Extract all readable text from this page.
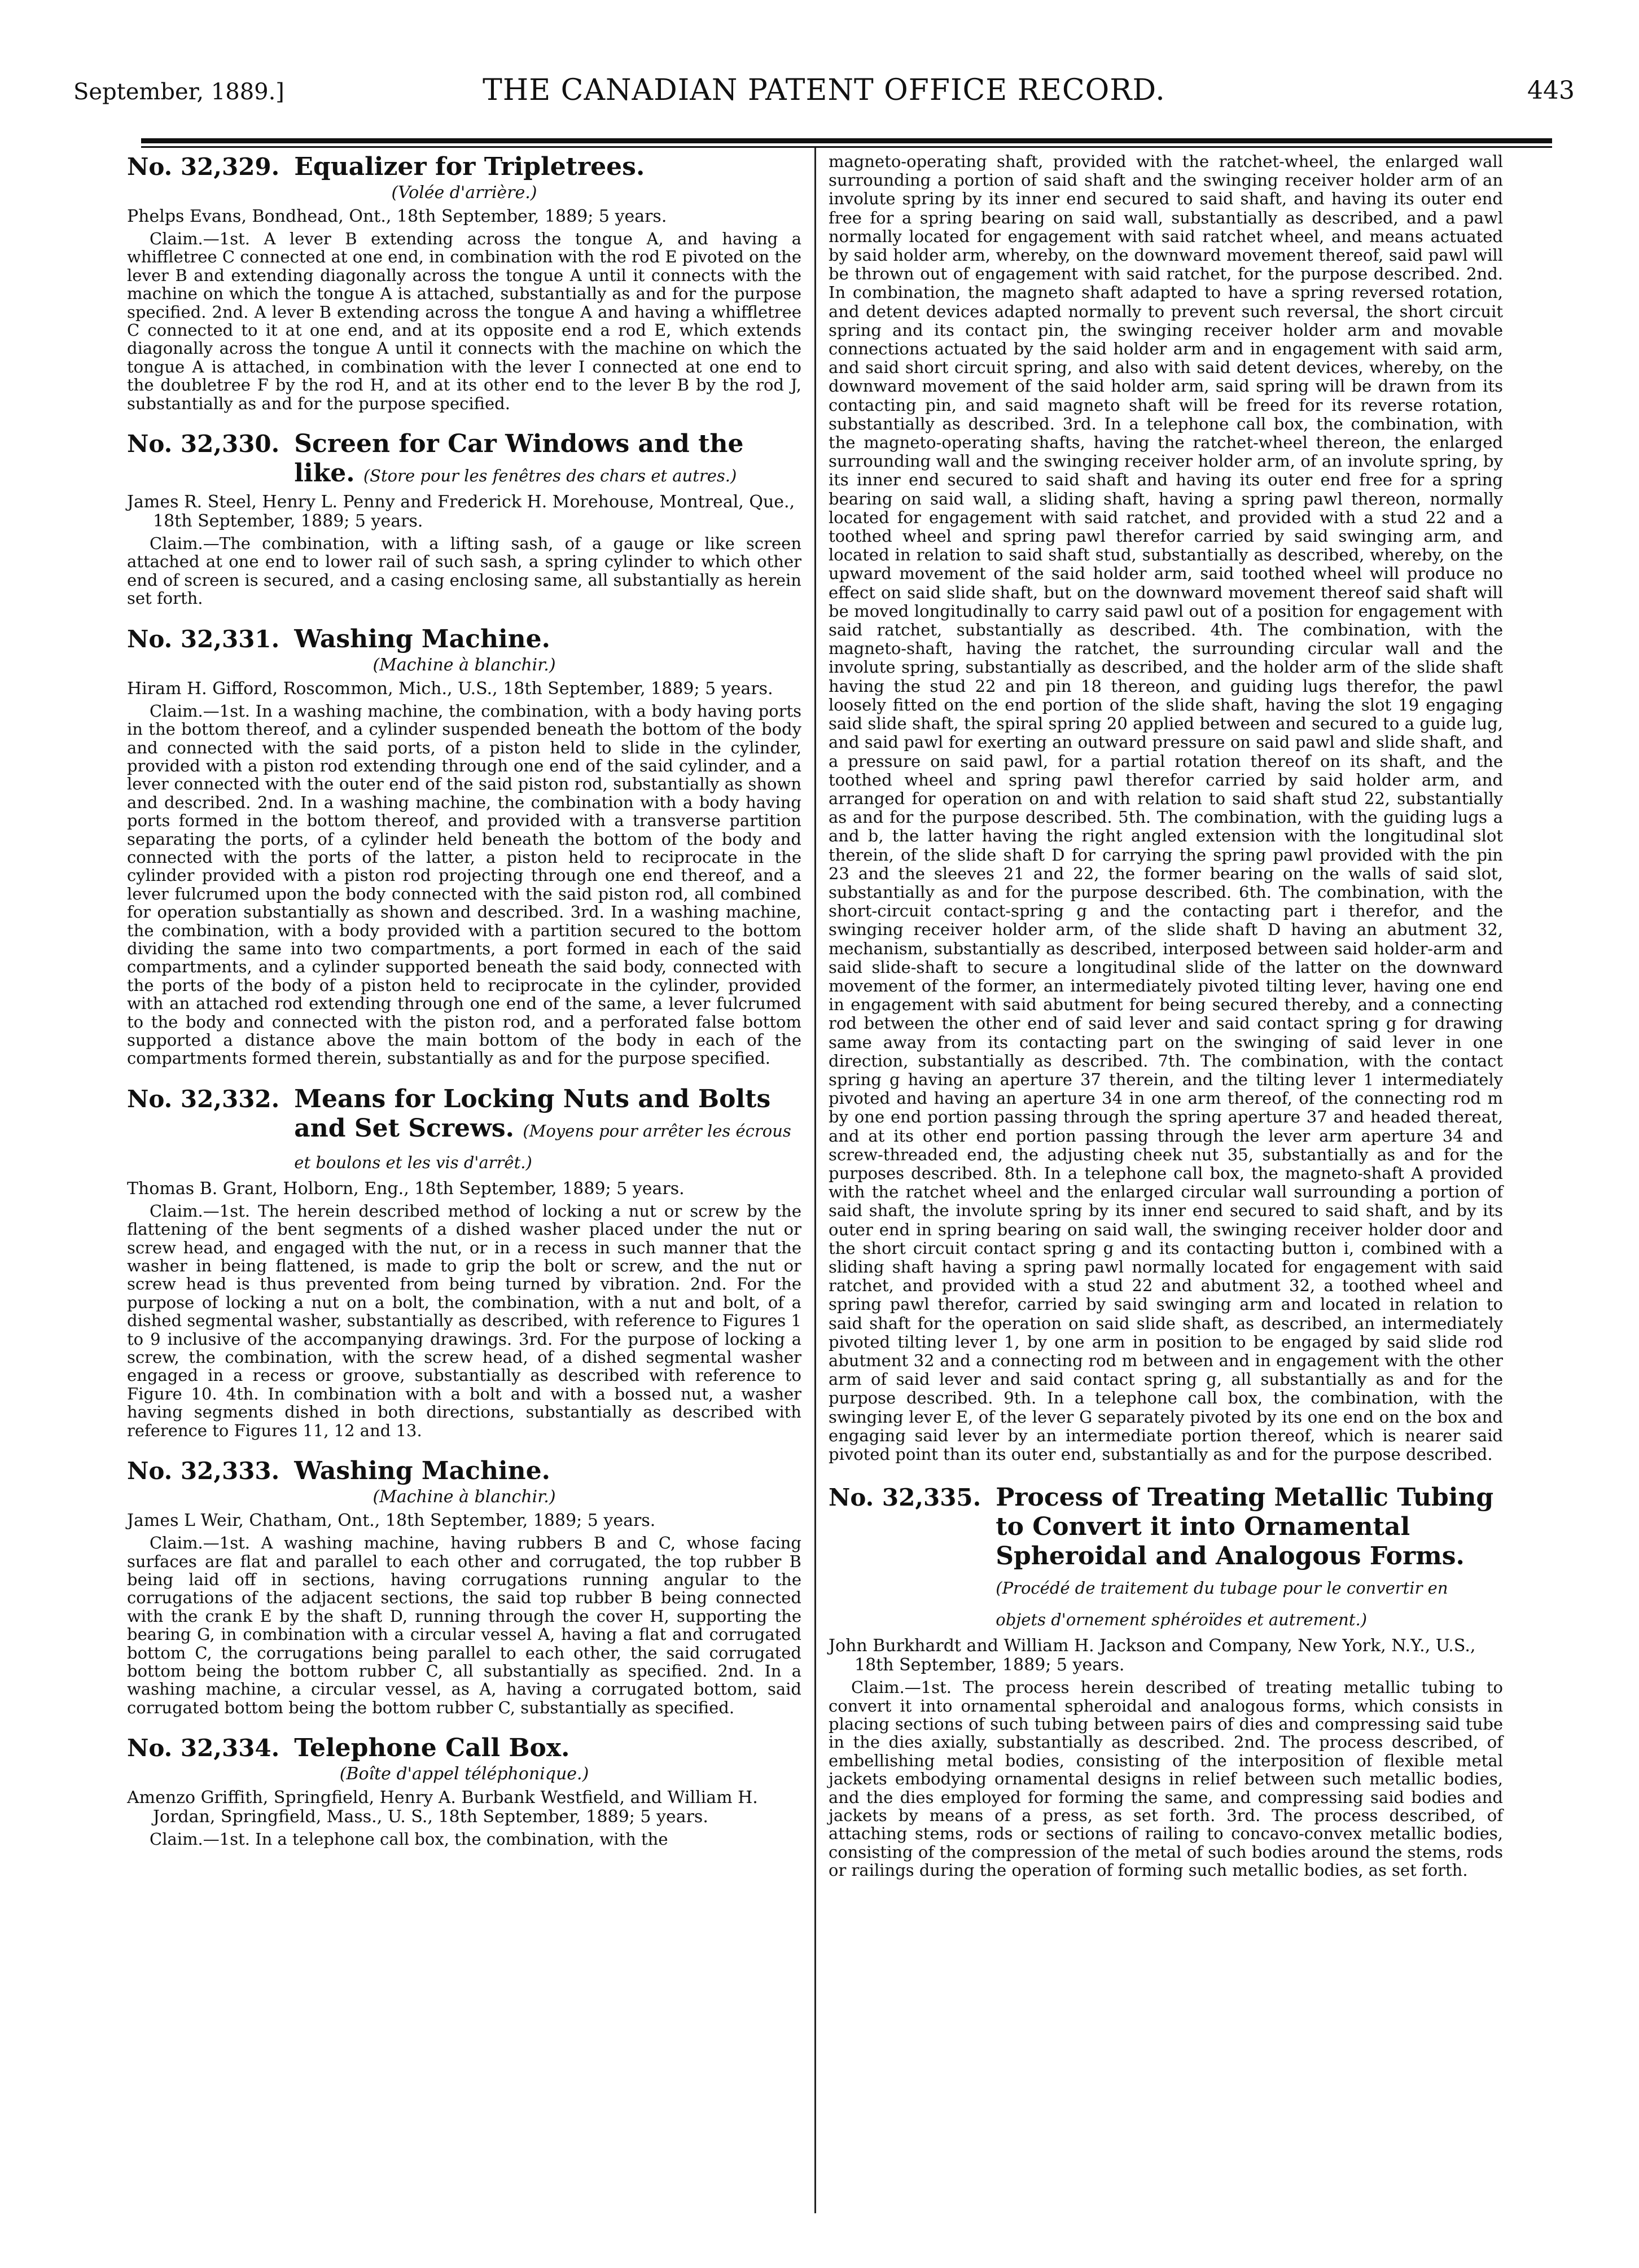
September, 1889.]	THE CANADIAN PATENT OFFICE RECORD.	443
No. 32,329. Equalizer for Tripletrees.
(Volée d'arrière.)
Phelps Evans, Bondhead, Ont., 18th September, 1889; 5 years.

Claim.—1st. A lever B extending across the tongue A, and having a whiffletree C connected at one end, in combination with the rod E pivoted on the lever B and extending diagonally across the tongue A until it connects with the machine on which the tongue A is attached, substantially as and for the purpose specified. 2nd. A lever B extending across the tongue A and having a whiffletree C connected to it at one end, and at its opposite end a rod E, which extends diagonally across the tongue A until it connects with the machine on which the tongue A is attached, in combination with the lever I connected at one end to the doubletree F by the rod H, and at its other end to the lever B by the rod J, substantially as and for the purpose specified.

No. 32,330. Screen for Car Windows and the like. (Store pour les fenêtres des chars et autres.)
James R. Steel, Henry L. Penny and Frederick H. Morehouse, Montreal, Que., 18th September, 1889; 5 years.

Claim.—The combination, with a lifting sash, of a gauge or like screen attached at one end to lower rail of such sash, a spring cylinder to which other end of screen is secured, and a casing enclosing same, all substantially as herein set forth.

No. 32,331. Washing Machine.
(Machine à blanchir.)
Hiram H. Gifford, Roscommon, Mich., U.S., 18th September, 1889; 5 years.

Claim.—1st. In a washing machine, the combination, with a body having ports in the bottom thereof, and a cylinder suspended beneath the bottom of the body and connected with the said ports, of a piston held to slide in the cylinder, provided with a piston rod extending through one end of the said cylinder, and a lever connected with the outer end of the said piston rod, substantially as shown and described. 2nd. In a washing machine, the combination with a body having ports formed in the bottom thereof, and provided with a transverse partition separating the ports, of a cylinder held beneath the bottom of the body and connected with the ports of the latter, a piston held to reciprocate in the cylinder provided with a piston rod projecting through one end thereof, and a lever fulcrumed upon the body connected with the said piston rod, all combined for operation substantially as shown and described. 3rd. In a washing machine, the combination, with a body provided with a partition secured to the bottom dividing the same into two compartments, a port formed in each of the said compartments, and a cylinder supported beneath the said body, connected with the ports of the body of a piston held to reciprocate in the cylinder, provided with an attached rod extending through one end of the same, a lever fulcrumed to the body and connected with the piston rod, and a perforated false bottom supported a distance above the main bottom of the body in each of the compartments formed therein, substantially as and for the purpose specified.

No. 32,332. Means for Locking Nuts and Bolts and Set Screws. (Moyens pour arrêter les écrous et boulons et les vis d'arrêt.)
Thomas B. Grant, Holborn, Eng., 18th September, 1889; 5 years.

Claim.—1st. The herein described method of locking a nut or screw by the flattening of the bent segments of a dished washer placed under the nut or screw head, and engaged with the nut, or in a recess in such manner that the washer in being flattened, is made to grip the bolt or screw, and the nut or screw head is thus prevented from being turned by vibration. 2nd. For the purpose of locking a nut on a bolt, the combination, with a nut and bolt, of a dished segmental washer, substantially as described, with reference to Figures 1 to 9 inclusive of the accompanying drawings. 3rd. For the purpose of locking a screw, the combination, with the screw head, of a dished segmental washer engaged in a recess or groove, substantially as described with reference to Figure 10. 4th. In combination with a bolt and with a bossed nut, a washer having segments dished in both directions, substantially as described with reference to Figures 11, 12 and 13.

No. 32,333. Washing Machine.
(Machine à blanchir.)
James L Weir, Chatham, Ont., 18th September, 1889; 5 years.

Claim.—1st. A washing machine, having rubbers B and C, whose facing surfaces are flat and parallel to each other and corrugated, the top rubber B being laid off in sections, having corrugations running angular to the corrugations of the adjacent sections, the said top rubber B being connected with the crank E by the shaft D, running through the cover H, supporting the bearing G, in combination with a circular vessel A, having a flat and corrugated bottom C, the corrugations being parallel to each other, the said corrugated bottom being the bottom rubber C, all substantially as specified. 2nd. In a washing machine, a circular vessel, as A, having a corrugated bottom, said corrugated bottom being the bottom rubber C, substantially as specified.

No. 32,334. Telephone Call Box.
(Boîte d'appel téléphonique.)
Amenzo Griffith, Springfield, Henry A. Burbank Westfield, and William H. Jordan, Springfield, Mass., U. S., 18th September, 1889; 5 years.

Claim.—1st. In a telephone call box, the combination, with the

magneto-operating shaft, provided with the ratchet-wheel, the enlarged wall surrounding a portion of said shaft and the swinging receiver holder arm of an involute spring by its inner end secured to said shaft, and having its outer end free for a spring bearing on said wall, substantially as described, and a pawl normally located for engagement with said ratchet wheel, and means actuated by said holder arm, whereby, on the downward movement thereof, said pawl will be thrown out of engagement with said ratchet, for the purpose described. 2nd. In combination, the magneto shaft adapted to have a spring reversed rotation, and detent devices adapted normally to prevent such reversal, the short circuit spring and its contact pin, the swinging receiver holder arm and movable connections actuated by the said holder arm and in engagement with said arm, and said short circuit spring, and also with said detent devices, whereby, on the downward movement of the said holder arm, said spring will be drawn from its contacting pin, and said magneto shaft will be freed for its reverse rotation, substantially as described. 3rd. In a telephone call box, the combination, with the magneto-operating shafts, having the ratchet-wheel thereon, the enlarged surrounding wall and the swinging receiver holder arm, of an involute spring, by its inner end secured to said shaft and having its outer end free for a spring bearing on said wall, a sliding shaft, having a spring pawl thereon, normally located for engagement with said ratchet, and provided with a stud 22 and a toothed wheel and spring pawl therefor carried by said swinging arm, and located in relation to said shaft stud, substantially as described, whereby, on the upward movement of the said holder arm, said toothed wheel will produce no effect on said slide shaft, but on the downward movement thereof said shaft will be moved longitudinally to carry said pawl out of a position for engagement with said ratchet, substantially as described. 4th. The combination, with the magneto-shaft, having the ratchet, the surrounding circular wall and the involute spring, substantially as described, and the holder arm of the slide shaft having the stud 22 and pin 18 thereon, and guiding lugs therefor, the pawl loosely fitted on the end portion of the slide shaft, having the slot 19 engaging said slide shaft, the spiral spring 20 applied between and secured to a guide lug, and said pawl for exerting an outward pressure on said pawl and slide shaft, and a pressure on said pawl, for a partial rotation thereof on its shaft, and the toothed wheel and spring pawl therefor carried by said holder arm, and arranged for operation on and with relation to said shaft stud 22, substantially as and for the purpose described. 5th. The combination, with the guiding lugs a and b, the latter having the right angled extension with the longitudinal slot therein, of the slide shaft D for carrying the spring pawl provided with the pin 23 and the sleeves 21 and 22, the former bearing on the walls of said slot, substantially as and for the purpose described. 6th. The combination, with the short-circuit contact-spring g and the contacting part i therefor, and the swinging receiver holder arm, of the slide shaft D having an abutment 32, mechanism, substantially as described, interposed between said holder-arm and said slide-shaft to secure a longitudinal slide of the latter on the downward movement of the former, an intermediately pivoted tilting lever, having one end in engagement with said abutment for being secured thereby, and a connecting rod between the other end of said lever and said contact spring g for drawing same away from its contacting part on the swinging of said lever in one direction, substantially as described. 7th. The combination, with the contact spring g having an aperture 37 therein, and the tilting lever 1 intermediately pivoted and having an aperture 34 in one arm thereof, of the connecting rod m by one end portion passing through the spring aperture 37 and headed thereat, and at its other end portion passing through the lever arm aperture 34 and screw-threaded end, the adjusting cheek nut 35, substantially as and for the purposes described. 8th. In a telephone call box, the magneto-shaft A provided with the ratchet wheel and the enlarged circular wall surrounding a portion of said shaft, the involute spring by its inner end secured to said shaft, and by its outer end in spring bearing on said wall, the swinging receiver holder door and the short circuit contact spring g and its contacting button i, combined with a sliding shaft having a spring pawl normally located for engagement with said ratchet, and provided with a stud 22 and abutment 32, a toothed wheel and spring pawl therefor, carried by said swinging arm and located in relation to said shaft for the operation on said slide shaft, as described, an intermediately pivoted tilting lever 1, by one arm in position to be engaged by said slide rod abutment 32 and a connecting rod m between and in engagement with the other arm of said lever and said contact spring g, all substantially as and for the purpose described. 9th. In a telephone call box, the combination, with the swinging lever E, of the lever G separately pivoted by its one end on the box and engaging said lever by an intermediate portion thereof, which is nearer said pivoted point than its outer end, substantially as and for the purpose described.

No. 32,335. Process of Treating Metallic Tubing to Convert it into Ornamental Spheroidal and Analogous Forms. (Procédé de traitement du tubage pour le convertir en objets d'ornement sphéroïdes et autrement.)
John Burkhardt and William H. Jackson and Company, New York, N.Y., U.S., 18th September, 1889; 5 years.

Claim.—1st. The process herein described of treating metallic tubing to convert it into ornamental spheroidal and analogous forms, which consists in placing sections of such tubing between pairs of dies and compressing said tube in the dies axially, substantially as described. 2nd. The process described, of embellishing metal bodies, consisting of the interposition of flexible metal jackets embodying ornamental designs in relief between such metallic bodies, and the dies employed for forming the same, and compressing said bodies and jackets by means of a press, as set forth. 3rd. The process described, of attaching stems, rods or sections of railing to concavo-convex metallic bodies, consisting of the compression of the metal of such bodies around the stems, rods or railings during the operation of forming such metallic bodies, as set forth.
